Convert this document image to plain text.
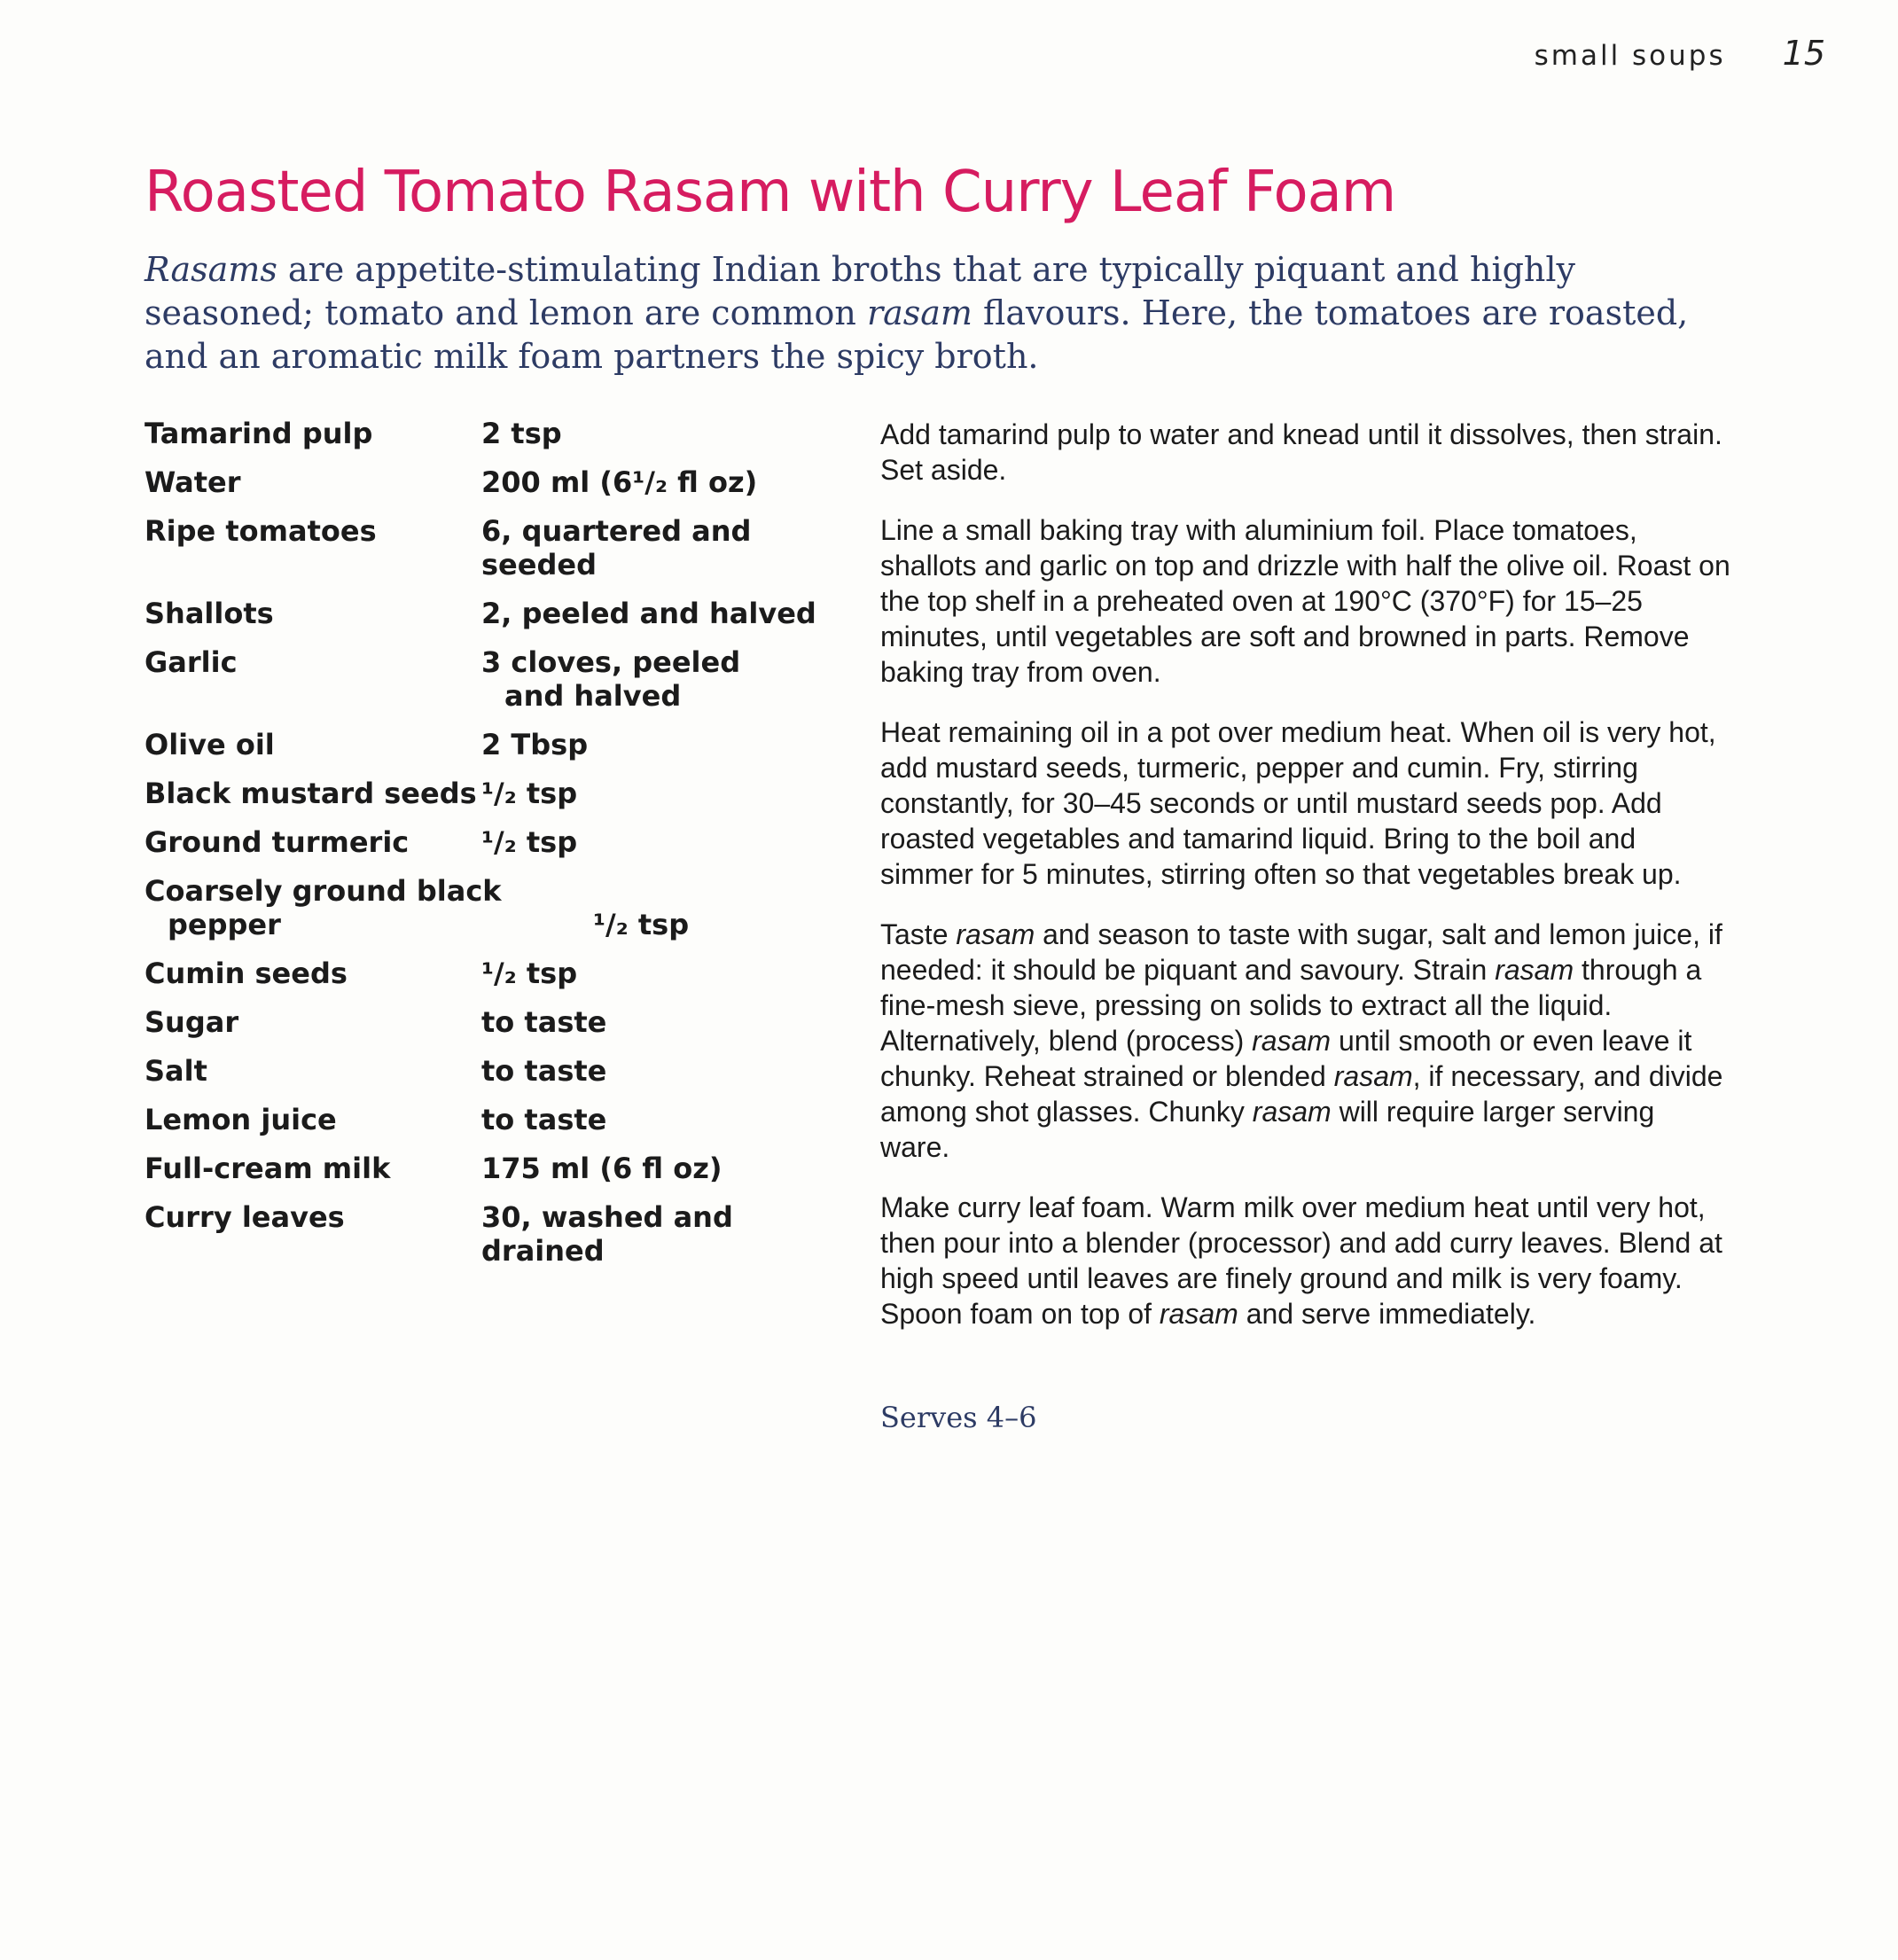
small soups 15
Roasted Tomato Rasam with Curry Leaf Foam

Rasams are appetite-stimulating Indian broths that are typically piquant and highly seasoned; tomato and lemon are common rasam flavours. Here, the tomatoes are roasted, and an aromatic milk foam partners the spicy broth.

Tamarind pulp	2 tsp
Water	200 ml (6¹/₂ fl oz)
Ripe tomatoes	6, quartered and seeded
Shallots	2, peeled and halved
Garlic	3 cloves, peeled and halved
Olive oil	2 Tbsp
Black mustard seeds ¹/₂ tsp
Ground turmeric	¹/₂ tsp
Coarsely ground black pepper	¹/₂ tsp
Cumin seeds	¹/₂ tsp
Sugar	to taste
Salt	to taste
Lemon juice	to taste
Full-cream milk	175 ml (6 fl oz)
Curry leaves	30, washed and drained

Add tamarind pulp to water and knead until it dissolves, then strain. Set aside.

Line a small baking tray with aluminium foil. Place tomatoes, shallots and garlic on top and drizzle with half the olive oil. Roast on the top shelf in a preheated oven at 190°C (370°F) for 15–25 minutes, until vegetables are soft and browned in parts. Remove baking tray from oven.

Heat remaining oil in a pot over medium heat. When oil is very hot, add mustard seeds, turmeric, pepper and cumin. Fry, stirring constantly, for 30–45 seconds or until mustard seeds pop. Add roasted vegetables and tamarind liquid. Bring to the boil and simmer for 5 minutes, stirring often so that vegetables break up.

Taste rasam and season to taste with sugar, salt and lemon juice, if needed: it should be piquant and savoury. Strain rasam through a fine-mesh sieve, pressing on solids to extract all the liquid. Alternatively, blend (process) rasam until smooth or even leave it chunky. Reheat strained or blended rasam, if necessary, and divide among shot glasses. Chunky rasam will require larger serving ware.

Make curry leaf foam. Warm milk over medium heat until very hot, then pour into a blender (processor) and add curry leaves. Blend at high speed until leaves are finely ground and milk is very foamy. Spoon foam on top of rasam and serve immediately.

Serves 4–6
